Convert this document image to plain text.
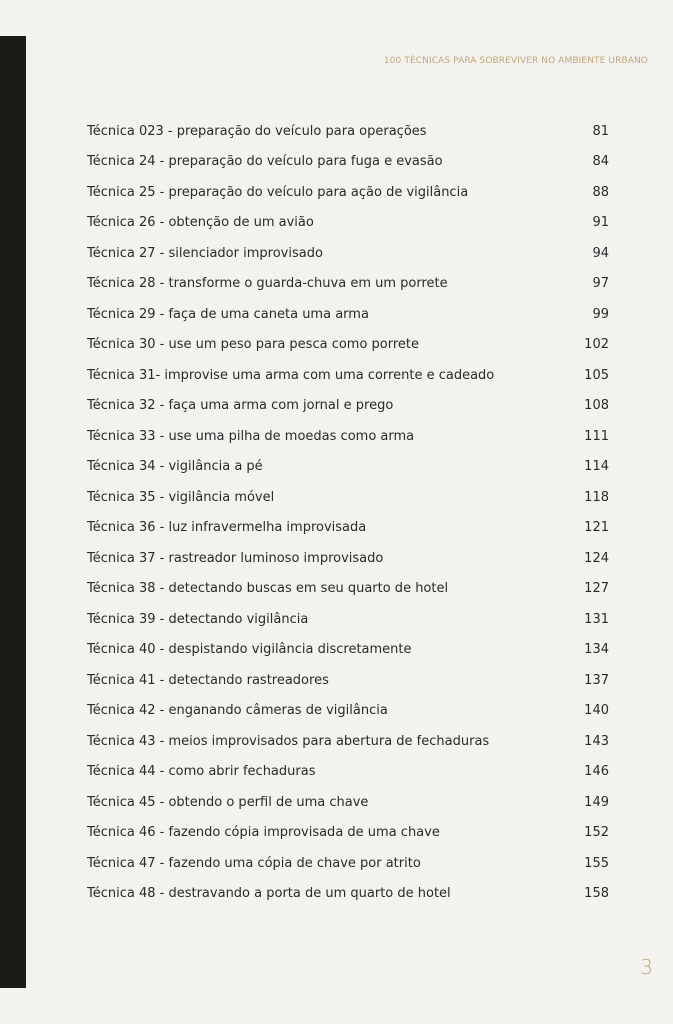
100 TÉCNICAS PARA SOBREVIVER NO AMBIENTE URBANO
Técnica 023 - preparação do veículo para operações	81
Técnica 24 - preparação do veículo para fuga e evasão	84
Técnica 25 - preparação do veículo para ação de vigilância	88
Técnica 26 - obtenção de um avião	91
Técnica 27 - silenciador improvisado	94
Técnica 28 - transforme o guarda-chuva em um porrete	97
Técnica 29 - faça de uma caneta uma arma	99
Técnica 30 - use um peso para pesca como porrete	102
Técnica 31- improvise uma arma com uma corrente e cadeado	105
Técnica 32 - faça uma arma com jornal e prego	108
Técnica 33 - use uma pilha de moedas como arma	111
Técnica 34 - vigilância a pé	114
Técnica 35 - vigilância móvel	118
Técnica 36 - luz infravermelha improvisada	121
Técnica 37 - rastreador luminoso improvisado	124
Técnica 38 - detectando buscas em seu quarto de hotel	127
Técnica 39 - detectando vigilância	131
Técnica 40 - despistando vigilância discretamente	134
Técnica 41 - detectando rastreadores	137
Técnica 42 - enganando câmeras de vigilância	140
Técnica 43 - meios improvisados para abertura de fechaduras	143
Técnica 44 - como abrir fechaduras	146
Técnica 45 - obtendo o perfil de uma chave	149
Técnica 46 - fazendo cópia improvisada de uma chave	152
Técnica 47 - fazendo uma cópia de chave por atrito	155
Técnica 48 - destravando a porta de um quarto de hotel	158
3
